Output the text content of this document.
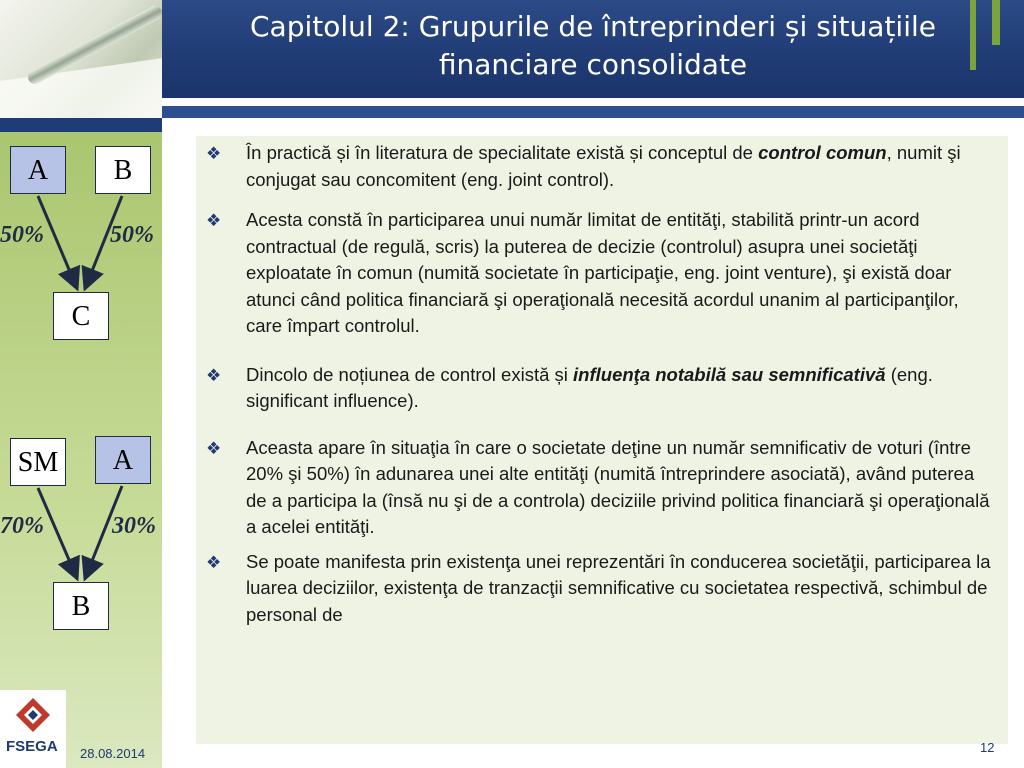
Capitolul 2: Grupurile de întreprinderi și situațiile
financiare consolidate
A	B
50%	50%
C
SM	A
70%	30%
B
❖ În practică și în literatura de specialitate există și conceptul de control comun, numit şi conjugat sau concomitent (eng. joint control).
❖ Acesta constă în participarea unui număr limitat de entităţi, stabilită printr-un acord contractual (de regulă, scris) la puterea de decizie (controlul) asupra unei societăţi exploatate în comun (numită societate în participaţie, eng. joint venture), şi există doar atunci când politica financiară şi operaţională necesită acordul unanim al participanţilor, care împart controlul.
❖ Dincolo de noțiunea de control există și influenţa notabilă sau semnificativă (eng. significant influence).
❖ Aceasta apare în situaţia în care o societate deţine un număr semnificativ de voturi (între 20% şi 50%) în adunarea unei alte entităţi (numită întreprindere asociată), având puterea de a participa la (însă nu şi de a controla) deciziile privind politica financiară şi operaţională a acelei entităţi.
❖ Se poate manifesta prin existenţa unei reprezentări în conducerea societăţii, participarea la luarea deciziilor, existenţa de tranzacţii semnificative cu societatea respectivă, schimbul de personal de
FSEGA 28.08.2014	12
